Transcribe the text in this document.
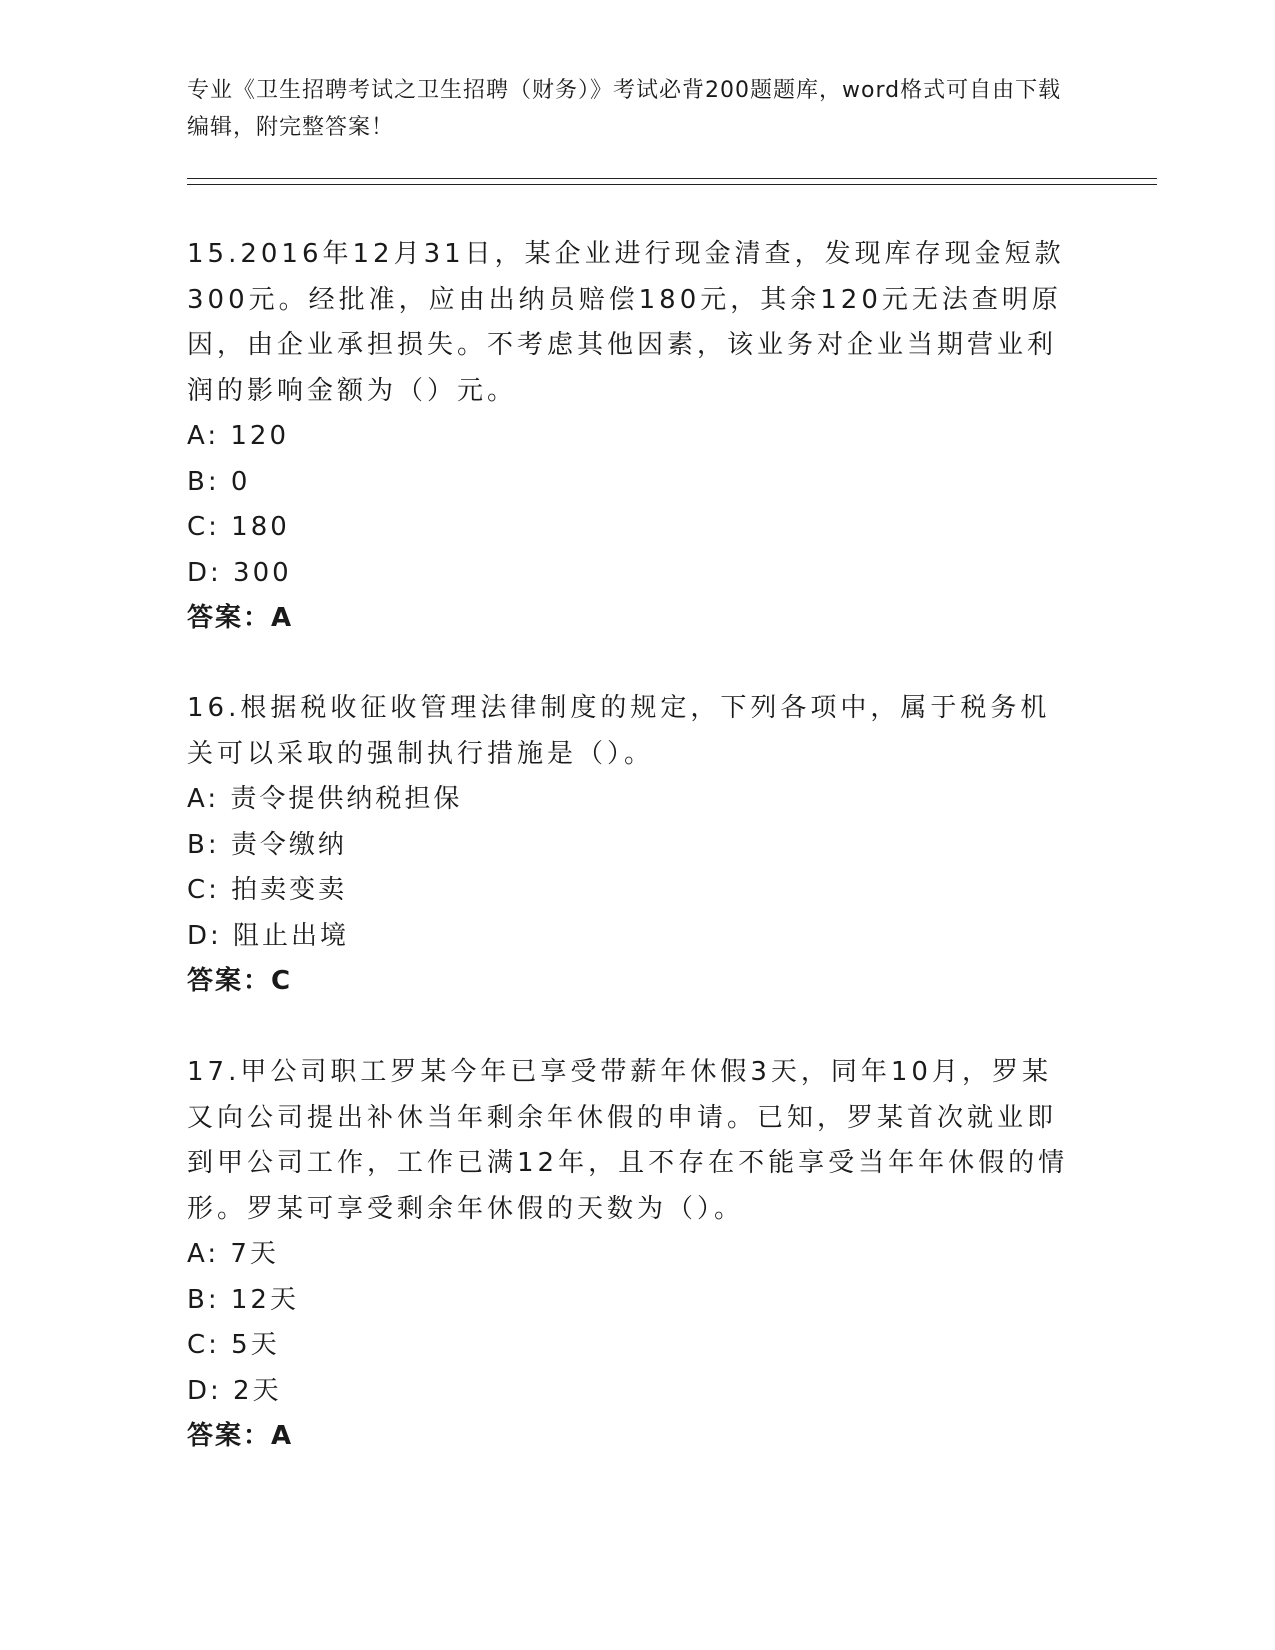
专业《卫生招聘考试之卫生招聘（财务）》考试必背200题题库，word格式可自由下载编辑，附完整答案！

15.2016年12月31日，某企业进行现金清查，发现库存现金短款300元。经批准，应由出纳员赔偿180元，其余120元无法查明原因，由企业承担损失。不考虑其他因素，该业务对企业当期营业利润的影响金额为（）元。

A: 120

B: 0

C: 180

D: 300

答案：A

16.根据税收征收管理法律制度的规定，下列各项中，属于税务机关可以采取的强制执行措施是（）。

A: 责令提供纳税担保

B: 责令缴纳

C: 拍卖变卖

D: 阻止出境

答案：C

17.甲公司职工罗某今年已享受带薪年休假3天，同年10月，罗某又向公司提出补休当年剩余年休假的申请。已知，罗某首次就业即到甲公司工作，工作已满12年，且不存在不能享受当年年休假的情形。罗某可享受剩余年休假的天数为（）。

A: 7天

B: 12天

C: 5天

D: 2天

答案：A
